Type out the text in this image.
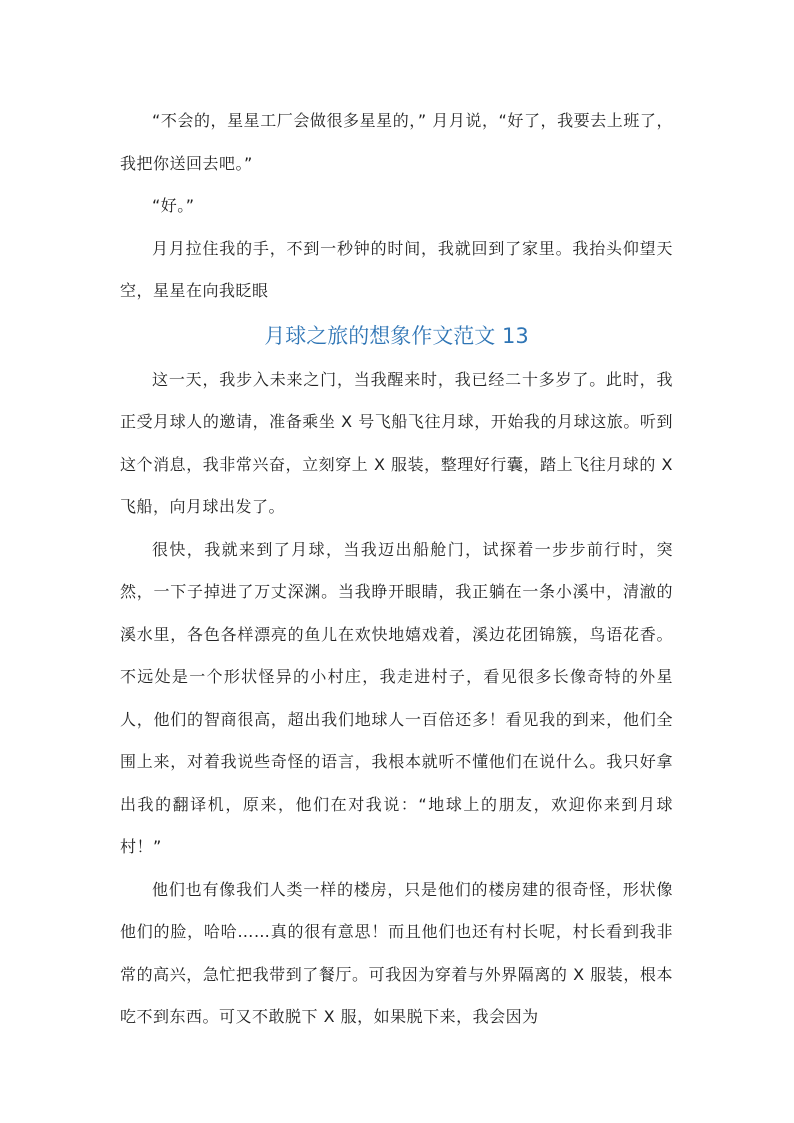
“不会的，星星工厂会做很多星星的，” 月月说，“好了，我要去上班了，我把你送回去吧。”

“好。”

月月拉住我的手，不到一秒钟的时间，我就回到了家里。我抬头仰望天空，星星在向我眨眼

月球之旅的想象作文范文 13

这一天，我步入未来之门，当我醒来时，我已经二十多岁了。此时，我正受月球人的邀请，准备乘坐 X 号飞船飞往月球，开始我的月球这旅。听到这个消息，我非常兴奋，立刻穿上 X 服装，整理好行囊，踏上飞往月球的 X 飞船，向月球出发了。

很快，我就来到了月球，当我迈出船舱门，试探着一步步前行时，突然，一下子掉进了万丈深渊。当我睁开眼睛，我正躺在一条小溪中，清澈的溪水里，各色各样漂亮的鱼儿在欢快地嬉戏着，溪边花团锦簇，鸟语花香。不远处是一个形状怪异的小村庄，我走进村子，看见很多长像奇特的外星人，他们的智商很高，超出我们地球人一百倍还多！看见我的到来，他们全围上来，对着我说些奇怪的语言，我根本就听不懂他们在说什么。我只好拿出我的翻译机，原来，他们在对我说：“地球上的朋友，欢迎你来到月球村！”

他们也有像我们人类一样的楼房，只是他们的楼房建的很奇怪，形状像他们的脸，哈哈……真的很有意思！而且他们也还有村长呢，村长看到我非常的高兴，急忙把我带到了餐厅。可我因为穿着与外界隔离的 X 服装，根本吃不到东西。可又不敢脱下 X 服，如果脱下来，我会因为
